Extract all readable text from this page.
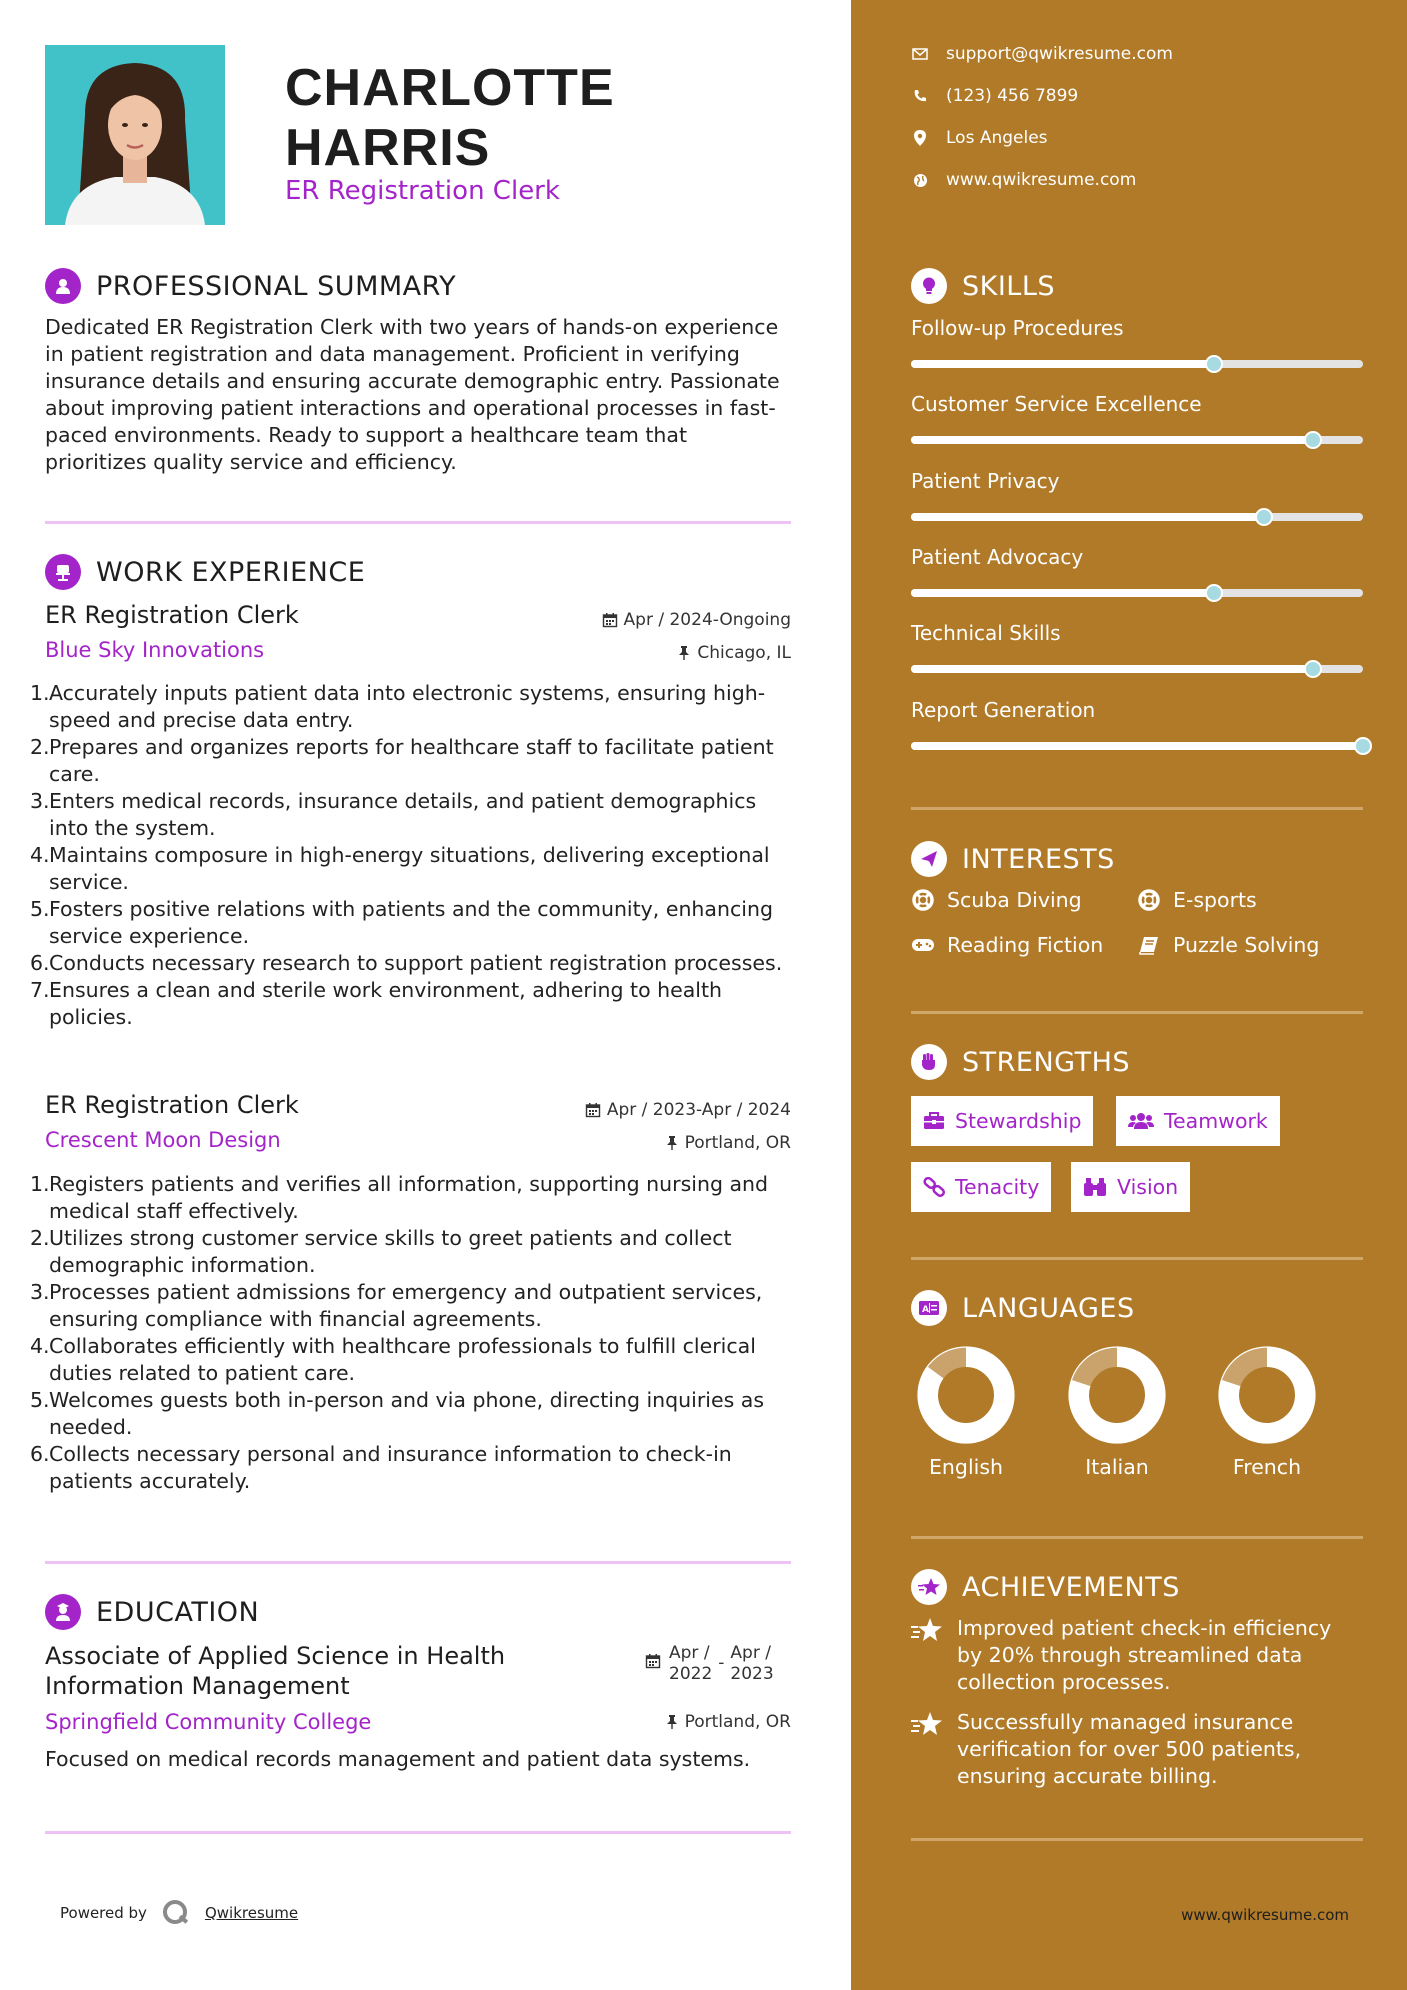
CHARLOTTE
HARRIS
ER Registration Clerk
PROFESSIONAL SUMMARY
Dedicated ER Registration Clerk with two years of hands-on experience in patient registration and data management. Proficient in verifying insurance details and ensuring accurate demographic entry. Passionate about improving patient interactions and operational processes in fast-paced environments. Ready to support a healthcare team that prioritizes quality service and efficiency.
WORK EXPERIENCE
ER Registration Clerk	Apr / 2024-Ongoing
Blue Sky Innovations	Chicago, IL
1. Accurately inputs patient data into electronic systems, ensuring high-speed and precise data entry.
2. Prepares and organizes reports for healthcare staff to facilitate patient care.
3. Enters medical records, insurance details, and patient demographics into the system.
4. Maintains composure in high-energy situations, delivering exceptional service.
5. Fosters positive relations with patients and the community, enhancing service experience.
6. Conducts necessary research to support patient registration processes.
7. Ensures a clean and sterile work environment, adhering to health policies.
ER Registration Clerk	Apr / 2023-Apr / 2024
Crescent Moon Design	Portland, OR
1. Registers patients and verifies all information, supporting nursing and medical staff effectively.
2. Utilizes strong customer service skills to greet patients and collect demographic information.
3. Processes patient admissions for emergency and outpatient services, ensuring compliance with financial agreements.
4. Collaborates efficiently with healthcare professionals to fulfill clerical duties related to patient care.
5. Welcomes guests both in-person and via phone, directing inquiries as needed.
6. Collects necessary personal and insurance information to check-in patients accurately.
EDUCATION
Associate of Applied Science in Health
Information Management
Apr /
2022
- Apr /
2023
Springfield Community College	Portland, OR
Focused on medical records management and patient data systems.
Powered by	Qwikresume
support@qwikresume.com
(123) 456 7899
Los Angeles
www.qwikresume.com
SKILLS
Follow-up Procedures
Customer Service Excellence
Patient Privacy
Patient Advocacy
Technical Skills
Report Generation
INTERESTS
Scuba Diving	E-sports
Reading Fiction	Puzzle Solving
STRENGTHS
Stewardship	Teamwork
Tenacity	Vision
A LANGUAGES
English	Italian	French
ACHIEVEMENTS
Improved patient check-in efficiency by 20% through streamlined data collection processes.
Successfully managed insurance verification for over 500 patients, ensuring accurate billing.
www.qwikresume.com
